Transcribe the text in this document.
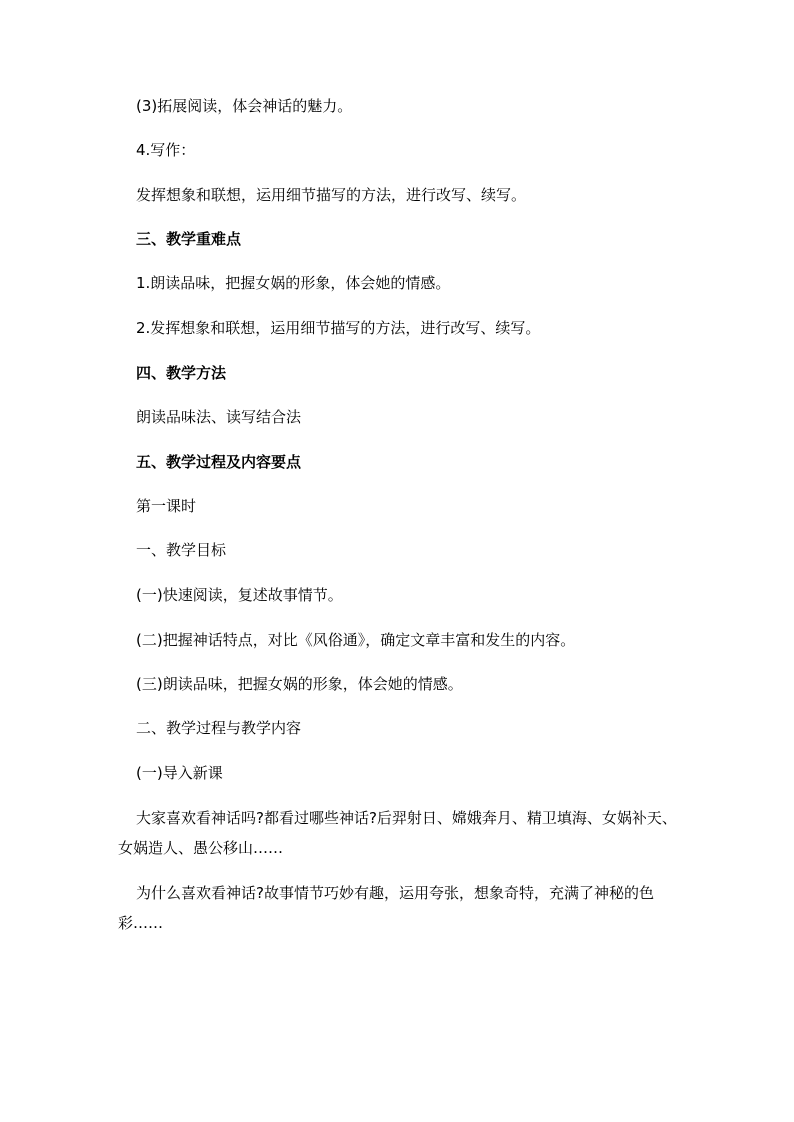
(3)拓展阅读，体会神话的魅力。
4.写作：
发挥想象和联想，运用细节描写的方法，进行改写、续写。
三、教学重难点
1.朗读品味，把握女娲的形象，体会她的情感。
2.发挥想象和联想，运用细节描写的方法，进行改写、续写。
四、教学方法
朗读品味法、读写结合法
五、教学过程及内容要点
第一课时
一、教学目标
(一)快速阅读，复述故事情节。
(二)把握神话特点，对比《风俗通》，确定文章丰富和发生的内容。
(三)朗读品味，把握女娲的形象，体会她的情感。
二、教学过程与教学内容
(一)导入新课
大家喜欢看神话吗?都看过哪些神话?后羿射日、嫦娥奔月、精卫填海、女娲补天、女娲造人、愚公移山……
为什么喜欢看神话?故事情节巧妙有趣，运用夸张，想象奇特，充满了神秘的色彩……
